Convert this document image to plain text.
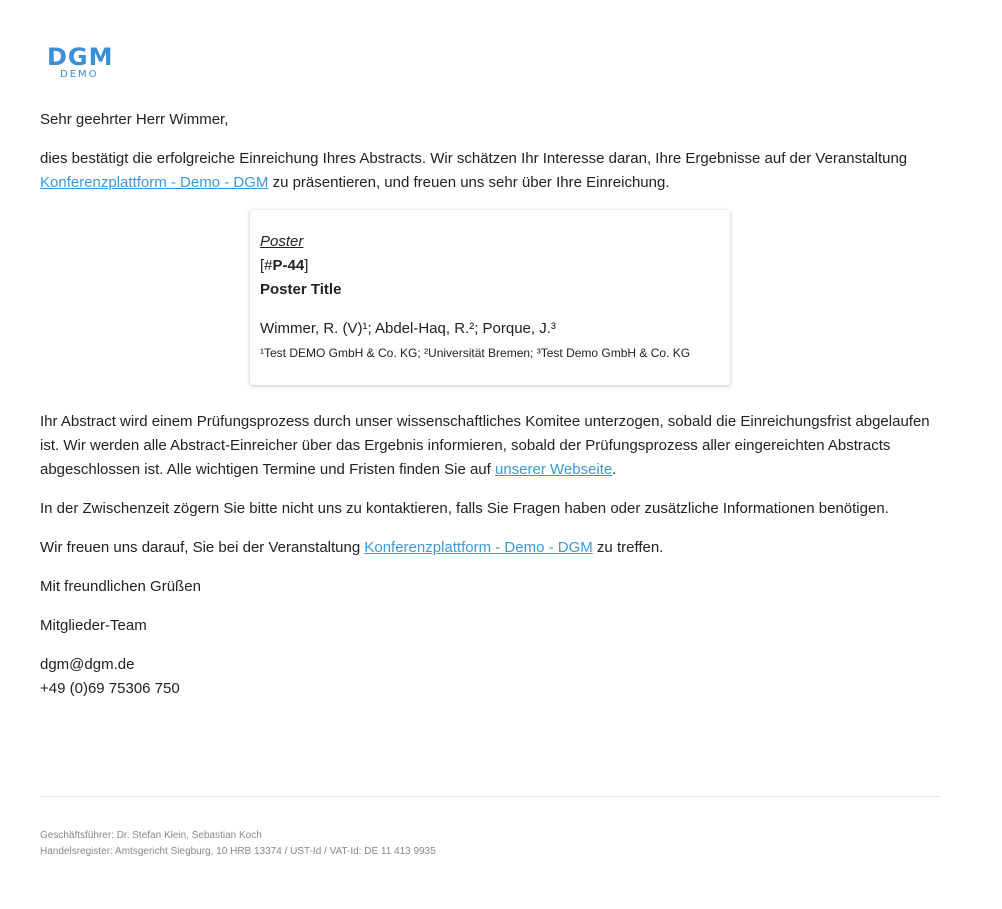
DGM
DEMO

Sehr geehrter Herr Wimmer,

dies bestätigt die erfolgreiche Einreichung Ihres Abstracts. Wir schätzen Ihr Interesse daran, Ihre Ergebnisse auf der Veranstaltung Konferenzplattform - Demo - DGM zu präsentieren, und freuen uns sehr über Ihre Einreichung.

Poster
[#P-44]
Poster Title
Wimmer, R. (V)¹; Abdel-Haq, R.²; Porque, J.³
¹Test DEMO GmbH & Co. KG; ²Universität Bremen; ³Test Demo GmbH & Co. KG

Ihr Abstract wird einem Prüfungsprozess durch unser wissenschaftliches Komitee unterzogen, sobald die Einreichungsfrist abgelaufen ist. Wir werden alle Abstract-Einreicher über das Ergebnis informieren, sobald der Prüfungsprozess aller eingereichten Abstracts abgeschlossen ist. Alle wichtigen Termine und Fristen finden Sie auf unserer Webseite.

In der Zwischenzeit zögern Sie bitte nicht uns zu kontaktieren, falls Sie Fragen haben oder zusätzliche Informationen benötigen.

Wir freuen uns darauf, Sie bei der Veranstaltung Konferenzplattform - Demo - DGM zu treffen.

Mit freundlichen Grüßen

Mitglieder-Team

dgm@dgm.de

+49 (0)69 75306 750

Geschäftsführer: Dr. Stefan Klein, Sebastian Koch
Handelsregister: Amtsgericht Siegburg, 10 HRB 13374 / UST-Id / VAT-Id: DE 11 413 9935
